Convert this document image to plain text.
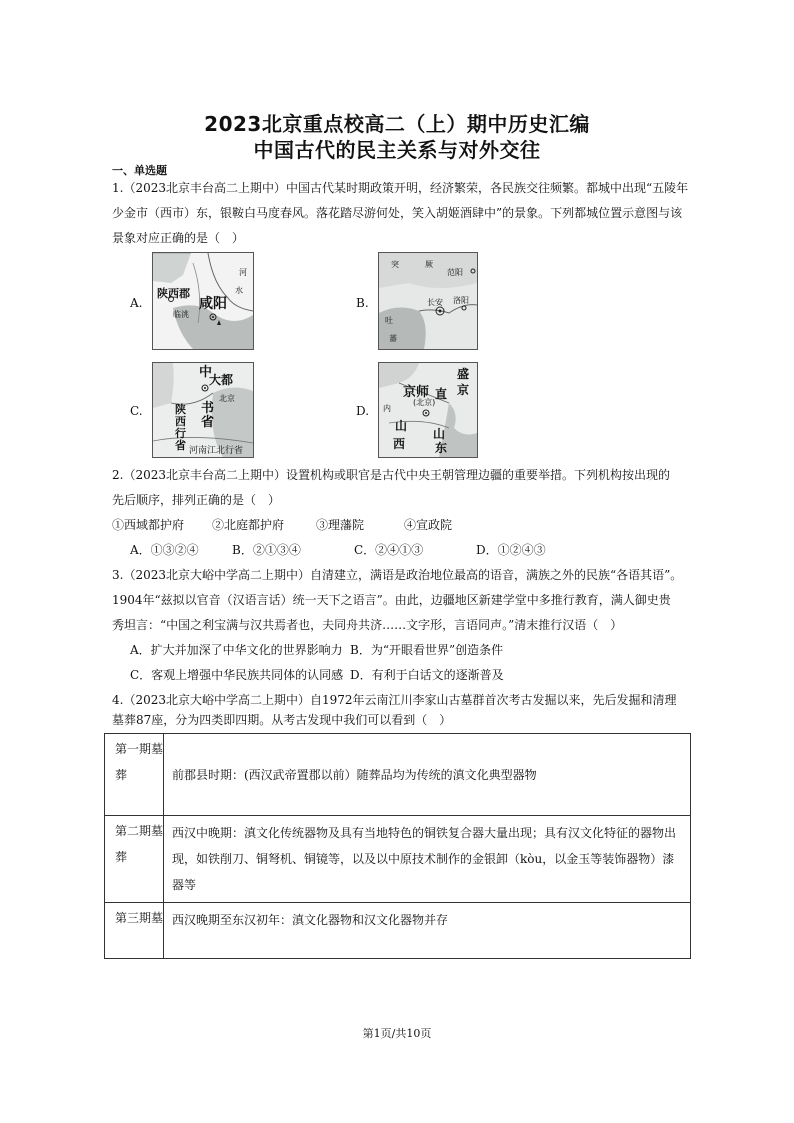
2023北京重点校高二（上）期中历史汇编
中国古代的民主关系与对外交往
一、单选题
1.（2023北京丰台高二上期中）中国古代某时期政策开明，经济繁荣，各民族交往频繁。都城中出现“五陵年少金市（西市）东，银鞍白马度春风。落花踏尽游何处，笑入胡姬酒肆中”的景象。下列都城位置示意图与该景象对应正确的是（　）
A.
陕西郡
咸阳
临洮
河
水
B.
突	厥
范阳
长安 洛阳
吐
蕃
C.
中
大都
书
省
北京
陕
西
行
省 河南江北行省
D.
京师 直
(北京)
盛
京
山
西
山
东
内
2.（2023北京丰台高二上期中）设置机构或职官是古代中央王朝管理边疆的重要举措。下列机构按出现的
先后顺序，排列正确的是（　）
①西域都护府 ②北庭都护府	③理藩院	④宣政院
A．①③②④	B．②①③④	C．②④①③	D．①②④③
3.（2023北京大峪中学高二上期中）自清建立，满语是政治地位最高的语音，满族之外的民族“各语其语”。
1904年“兹拟以官音（汉语言话）统一天下之语言”。由此，边疆地区新建学堂中多推行教育，满人御史贵
秀坦言：“中国之利宝满与汉共焉者也，夫同舟共济……文字形，言语同声。”清末推行汉语（　）
A．扩大并加深了中华文化的世界影响力 B．为“开眼看世界”创造条件
C．客观上增强中华民族共同体的认同感 D．有利于白话文的逐渐普及
4.（2023北京大峪中学高二上期中）自1972年云南江川李家山古墓群首次考古发掘以来，先后发掘和清理
墓葬87座，分为四类即四期。从考古发现中我们可以看到（　）
第一期墓葬	前郡县时期：(西汉武帝置郡以前）随葬品均为传统的滇文化典型器物
第二期墓葬	西汉中晚期：滇文化传统器物及具有当地特色的铜铁复合器大量出现；具有汉文化特征的器物出现，如铁削刀、铜弩机、铜镜等，以及以中原技术制作的金银卸（kòu，以金玉等装饰器物）漆器等
第三期墓	西汉晚期至东汉初年：滇文化器物和汉文化器物并存
第1页/共10页
